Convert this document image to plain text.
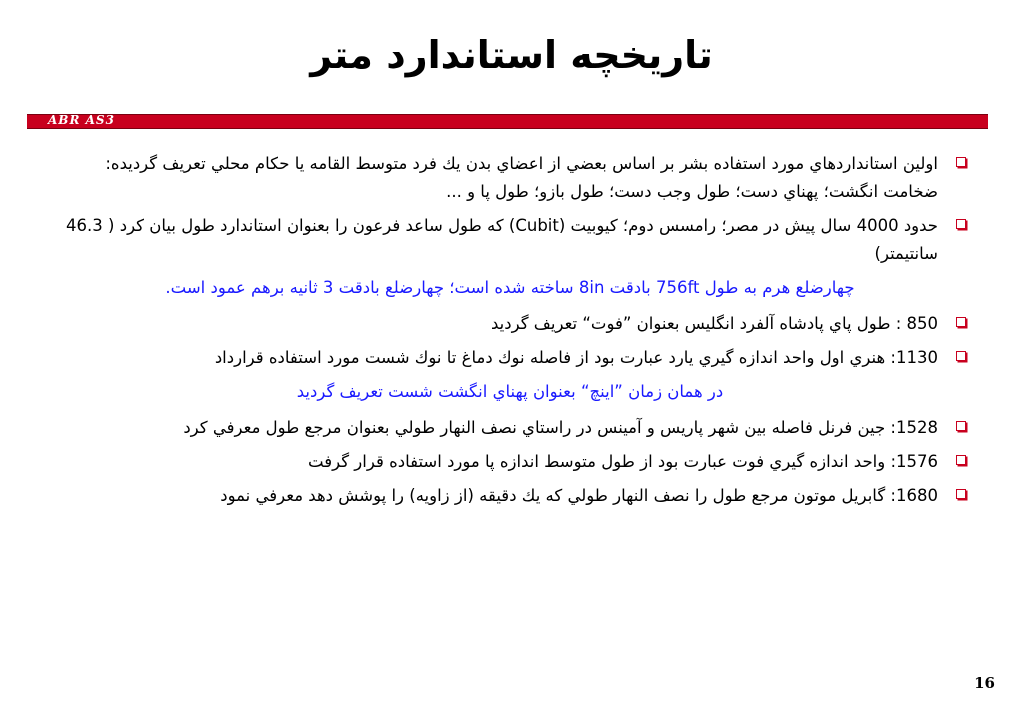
تاريخچه استاندارد متر
ABR AS3
اولين استانداردهاي مورد استفاده بشر بر اساس بعضي از اعضاي بدن يك فرد متوسط القامه يا حكام محلي تعريف گرديده: ضخامت انگشت؛ پهناي دست؛ طول وجب دست؛ طول بازو؛ طول پا و ...
حدود 4000 سال پيش در مصر؛ رامسس دوم؛ كيوبيت (Cubit) كه طول ساعد فرعون را بعنوان استاندارد طول بيان كرد ( 46.3 سانتيمتر)
چهارضلع هرم به طول 756ft بادقت 8in ساخته شده است؛ چهارضلع بادقت 3 ثانيه برهم عمود است.
850 : طول پاي پادشاه آلفرد انگليس بعنوان ”فوت“ تعريف گرديد
1130: هنري اول واحد اندازه گيري يارد عبارت بود از فاصله نوك دماغ تا نوك شست مورد استفاده قرارداد
در همان زمان ”اينچ“ بعنوان پهناي انگشت شست تعريف گرديد
1528: جين فرنل فاصله بين شهر پاريس و آمينس در راستاي نصف النهار طولي بعنوان مرجع طول معرفي كرد
1576: واحد اندازه گيري فوت عبارت بود از طول متوسط اندازه پا مورد استفاده قرار گرفت
1680: گابريل موتون مرجع طول را نصف النهار طولي كه يك دقيقه (از زاويه) را پوشش دهد معرفي نمود
16
